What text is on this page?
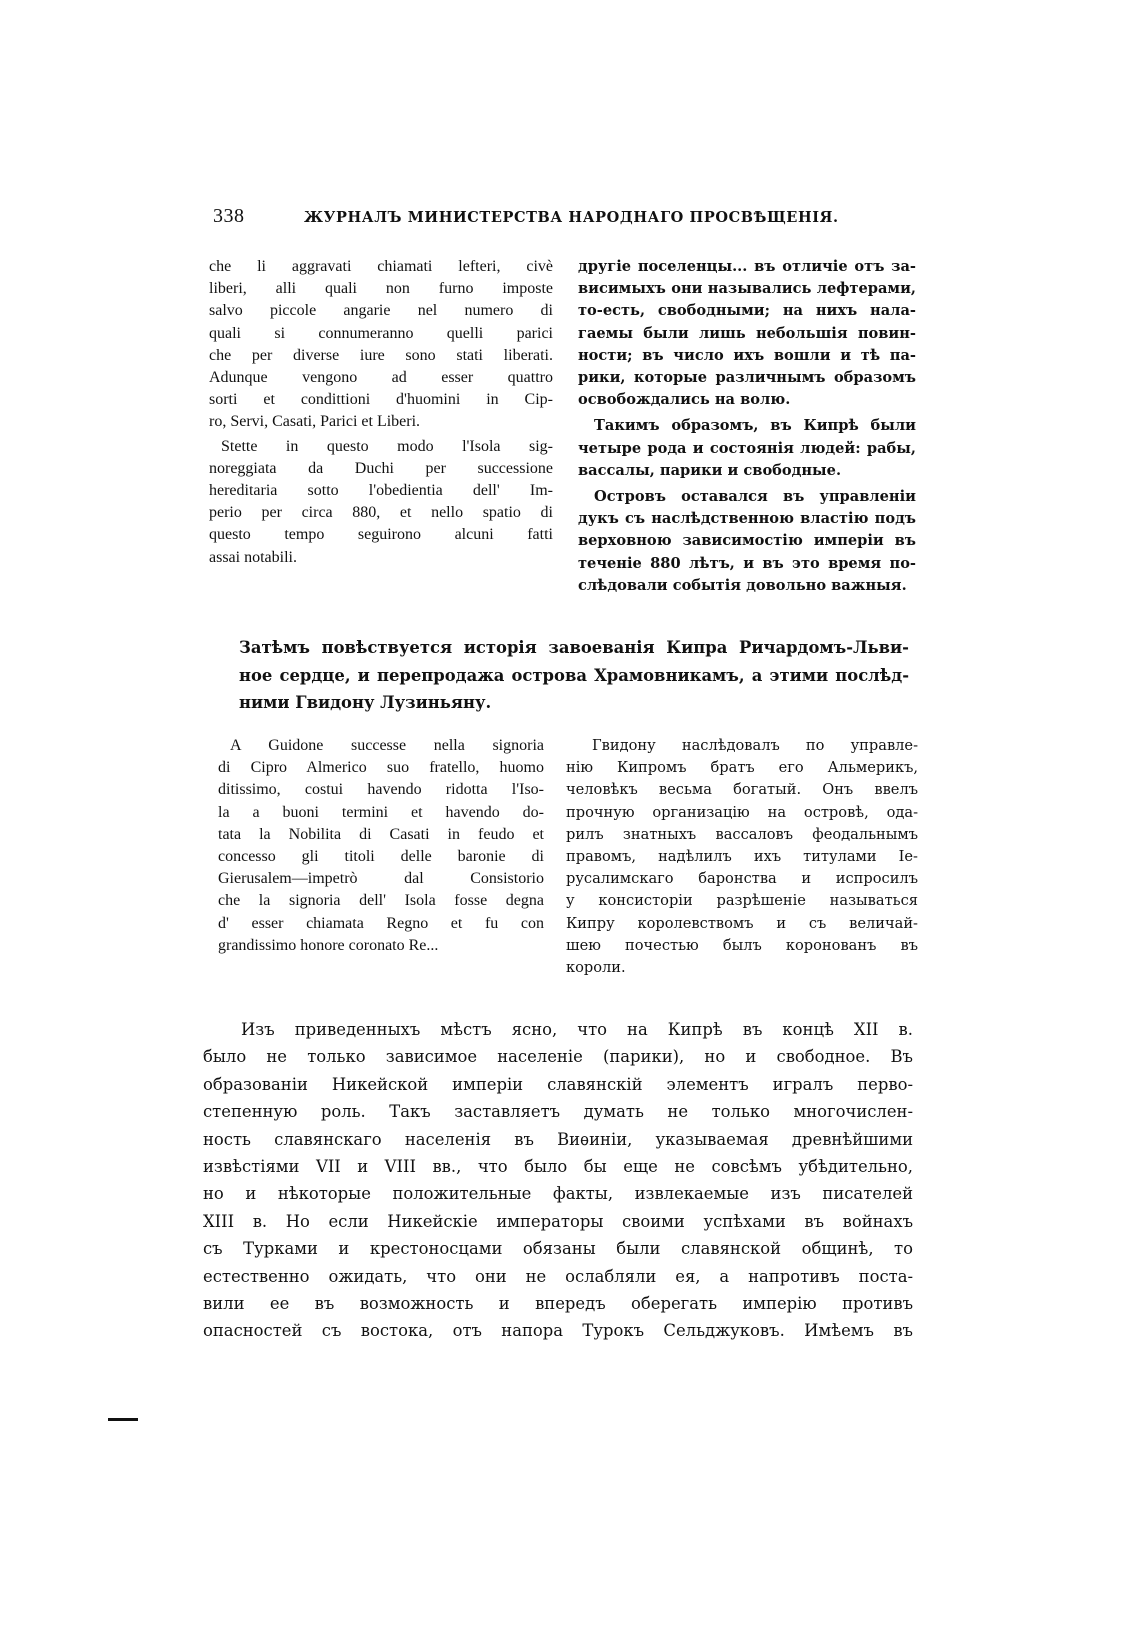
338	ЖУРНАЛЪ МИНИСТЕРСТВА НАРОДНАГО ПРОСВѢЩЕНІЯ.
che li aggravati chiamati lefteri, civè
liberi, alli quali non furno imposte
salvo piccole angarie nel numero di
quali si connumeranno quelli parici
che per diverse iure sono stati liberati.
Adunque vengono ad esser quattro
sorti et condittioni d'huomini in Cip-
ro, Servi, Casati, Parici et Liberi.
Stette in questo modo l'Isola sig-
noreggiata da Duchi per successione
hereditaria sotto l'obedientia dell' Im-
perio per circa 880, et nello spatio di
questo tempo seguirono alcuni fatti
assai notabili.
другіе поселенцы... въ отличіе отъ за-
висимыхъ они назывались лефтерами,
то-есть, свободными; на нихъ нала-
гаемы были лишь небольшія повин-
ности; въ число ихъ вошли и тѣ па-
рики, которые различнымъ образомъ
освобождались на волю.
Такимъ образомъ, въ Кипрѣ были
четыре рода и состоянія людей: рабы,
вассалы, парики и свободные.
Островъ оставался въ управленіи
дукъ съ наслѣдственною властію подъ
верховною зависимостію имперіи въ
теченіе 880 лѣтъ, и въ это время по-
слѣдовали событія довольно важныя.
Затѣмъ повѣствуется исторія завоеванія Кипра Ричардомъ-Льви-
ное сердце, и перепродажа острова Храмовникамъ, а этими послѣд-
ними Гвидону Лузиньяну.
A Guidone successe nella signoria
di Cipro Almerico suo fratello, huomo
ditissimo, costui havendo ridotta l'Iso-
la a buoni termini et havendo do-
tata la Nobilita di Casati in feudo et
concesso gli titoli delle baronie di
Gierusalem—impetrò dal Consistorio
che la signoria dell' Isola fosse degna
d' esser chiamata Regno et fu con
grandissimo honore coronato Re...
Гвидону наслѣдовалъ по управле-
нію Кипромъ братъ его Альмерикъ,
человѣкъ весьма богатый. Онъ ввелъ
прочную организацію на островѣ, ода-
рилъ знатныхъ вассаловъ феодальнымъ
правомъ, надѣлилъ ихъ титулами Іе-
русалимскаго баронства и испросилъ
у консисторіи разрѣшеніе называться
Кипру королевствомъ и съ величай-
шею почестью былъ коронованъ въ
короли.
Изъ приведенныхъ мѣстъ ясно, что на Кипрѣ въ концѣ XII в.
было не только зависимое населеніе (парики), но и свободное. Въ
образованіи Никейской имперіи славянскій элементъ игралъ перво-
степенную роль. Такъ заставляетъ думать не только многочислен-
ность славянскаго населенія въ Виѳиніи, указываемая древнѣйшими
извѣстіями VII и VIII вв., что было бы еще не совсѣмъ убѣдительно,
но и нѣкоторые положительные факты, извлекаемые изъ писателей
XIII в. Но если Никейскіе императоры своими успѣхами въ войнахъ
съ Турками и крестоносцами обязаны были славянской общинѣ, то
естественно ожидать, что они не ослабляли ея, а напротивъ поста-
вили ее въ возможность и впередъ оберегать имперію противъ
опасностей съ востока, отъ напора Турокъ Сельджуковъ. Имѣемъ въ
